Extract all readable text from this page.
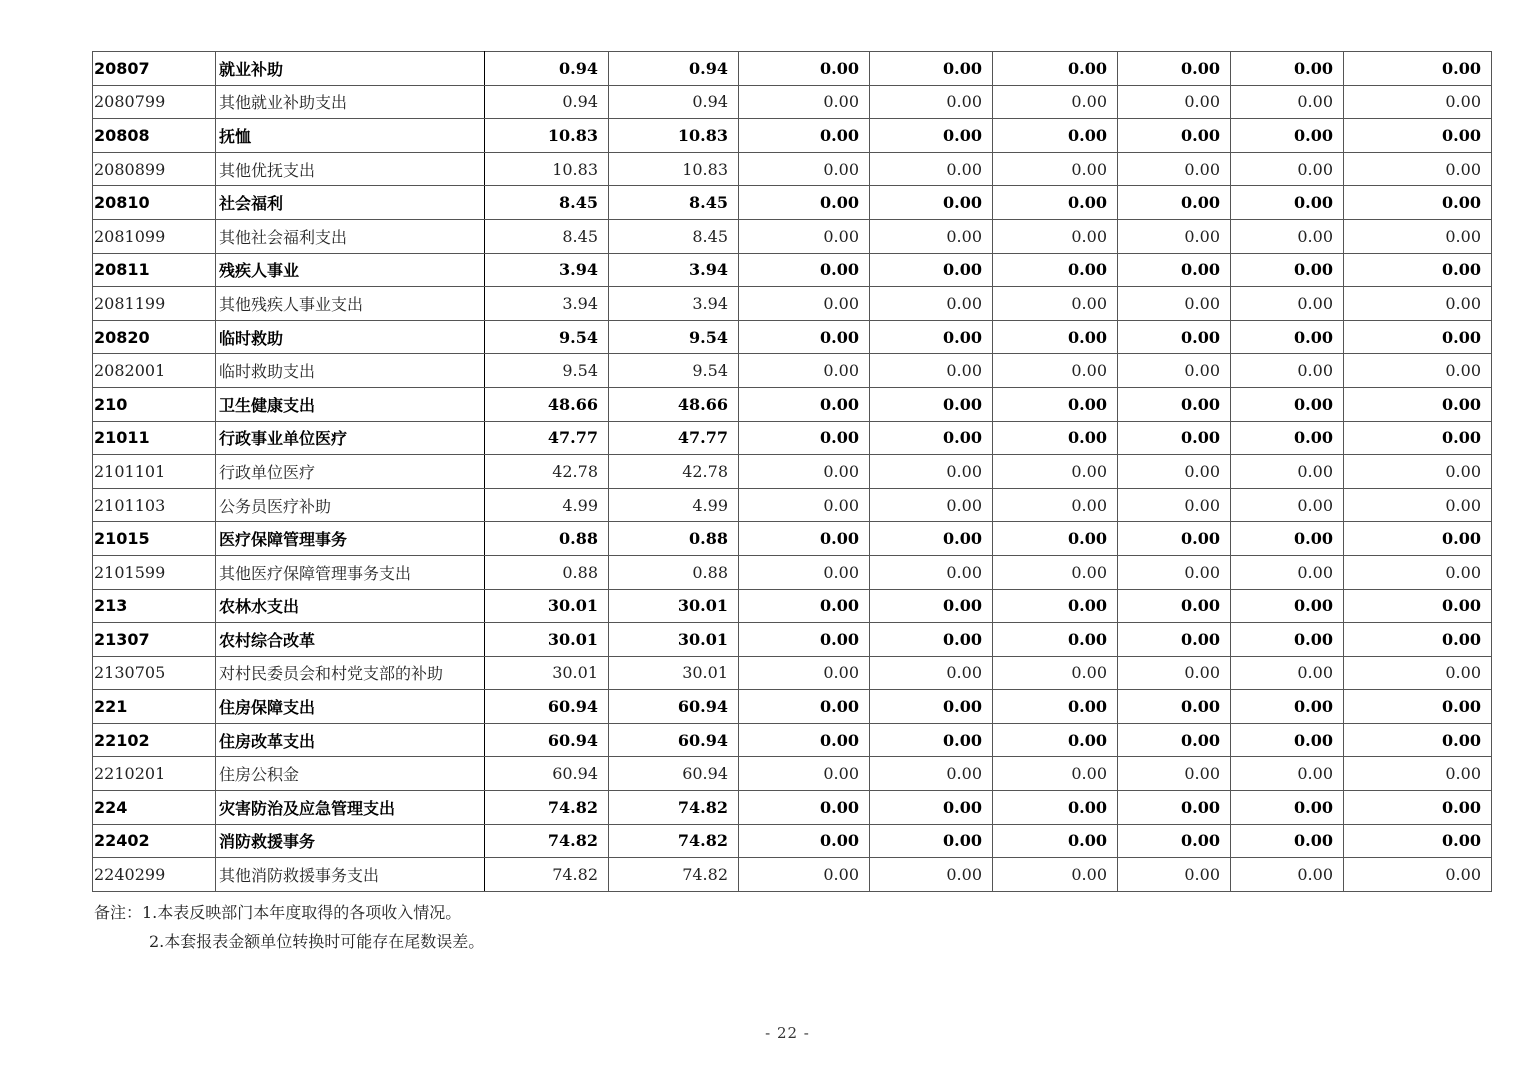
20807	就业补助	0.94	0.94	0.00	0.00	0.00	0.00	0.00	0.00
2080799	其他就业补助支出	0.94	0.94	0.00	0.00	0.00	0.00	0.00	0.00
20808	抚恤	10.83	10.83	0.00	0.00	0.00	0.00	0.00	0.00
2080899	其他优抚支出	10.83	10.83	0.00	0.00	0.00	0.00	0.00	0.00
20810	社会福利	8.45	8.45	0.00	0.00	0.00	0.00	0.00	0.00
2081099	其他社会福利支出	8.45	8.45	0.00	0.00	0.00	0.00	0.00	0.00
20811	残疾人事业	3.94	3.94	0.00	0.00	0.00	0.00	0.00	0.00
2081199	其他残疾人事业支出	3.94	3.94	0.00	0.00	0.00	0.00	0.00	0.00
20820	临时救助	9.54	9.54	0.00	0.00	0.00	0.00	0.00	0.00
2082001	临时救助支出	9.54	9.54	0.00	0.00	0.00	0.00	0.00	0.00
210	卫生健康支出	48.66	48.66	0.00	0.00	0.00	0.00	0.00	0.00
21011	行政事业单位医疗	47.77	47.77	0.00	0.00	0.00	0.00	0.00	0.00
2101101	行政单位医疗	42.78	42.78	0.00	0.00	0.00	0.00	0.00	0.00
2101103	公务员医疗补助	4.99	4.99	0.00	0.00	0.00	0.00	0.00	0.00
21015	医疗保障管理事务	0.88	0.88	0.00	0.00	0.00	0.00	0.00	0.00
2101599	其他医疗保障管理事务支出	0.88	0.88	0.00	0.00	0.00	0.00	0.00	0.00
213	农林水支出	30.01	30.01	0.00	0.00	0.00	0.00	0.00	0.00
21307	农村综合改革	30.01	30.01	0.00	0.00	0.00	0.00	0.00	0.00
2130705	对村民委员会和村党支部的补助	30.01	30.01	0.00	0.00	0.00	0.00	0.00	0.00
221	住房保障支出	60.94	60.94	0.00	0.00	0.00	0.00	0.00	0.00
22102	住房改革支出	60.94	60.94	0.00	0.00	0.00	0.00	0.00	0.00
2210201	住房公积金	60.94	60.94	0.00	0.00	0.00	0.00	0.00	0.00
224	灾害防治及应急管理支出	74.82	74.82	0.00	0.00	0.00	0.00	0.00	0.00
22402	消防救援事务	74.82	74.82	0.00	0.00	0.00	0.00	0.00	0.00
2240299	其他消防救援事务支出	74.82	74.82	0.00	0.00	0.00	0.00	0.00	0.00
备注：1.本表反映部门本年度取得的各项收入情况。
2.本套报表金额单位转换时可能存在尾数误差。
- 22 -
